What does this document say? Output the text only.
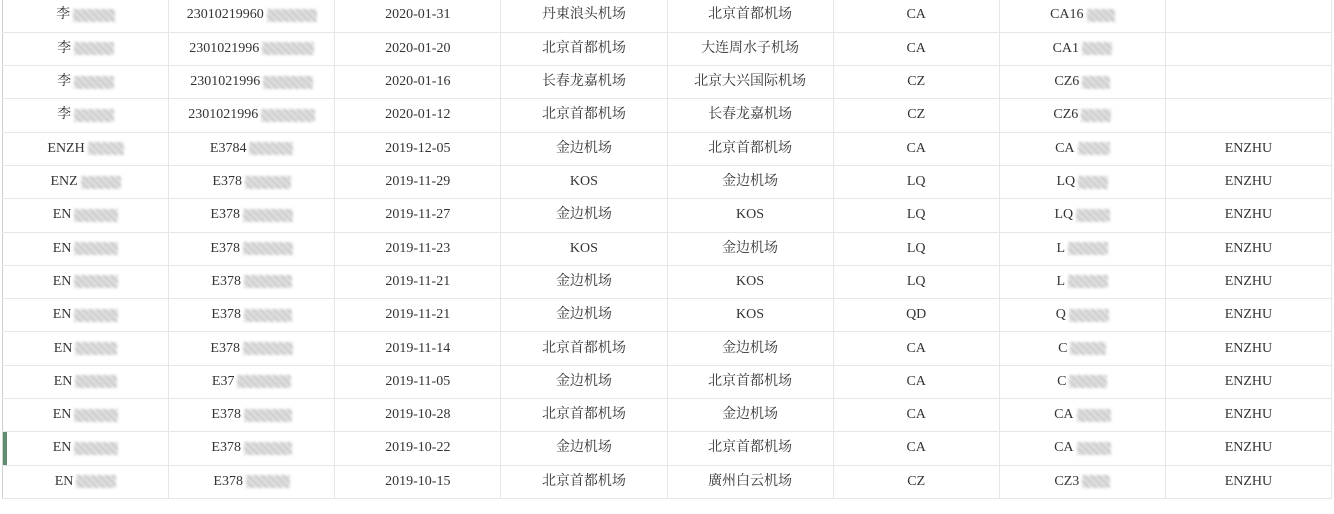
李	23010219960	2020-01-31	丹東浪头机场	北京首都机场	CA	CA16	
李	2301021996	2020-01-20	北京首都机场	大连周水子机场	CA	CA1	
李	2301021996	2020-01-16	长春龙嘉机场	北京大兴国际机场	CZ	CZ6	
李	2301021996	2020-01-12	北京首都机场	长春龙嘉机场	CZ	CZ6	
ENZH	E3784	2019-12-05	金边机场	北京首都机场	CA	CA	ENZHU
ENZ	E378	2019-11-29	KOS	金边机场	LQ	LQ	ENZHU
EN	E378	2019-11-27	金边机场	KOS	LQ	LQ	ENZHU
EN	E378	2019-11-23	KOS	金边机场	LQ	L	ENZHU
EN	E378	2019-11-21	金边机场	KOS	LQ	L	ENZHU
EN	E378	2019-11-21	金边机场	KOS	QD	Q	ENZHU
EN	E378	2019-11-14	北京首都机场	金边机场	CA	C	ENZHU
EN	E37	2019-11-05	金边机场	北京首都机场	CA	C	ENZHU
EN	E378	2019-10-28	北京首都机场	金边机场	CA	CA	ENZHU
EN	E378	2019-10-22	金边机场	北京首都机场	CA	CA	ENZHU
EN	E378	2019-10-15	北京首都机场	廣州白云机场	CZ	CZ3	ENZHU
